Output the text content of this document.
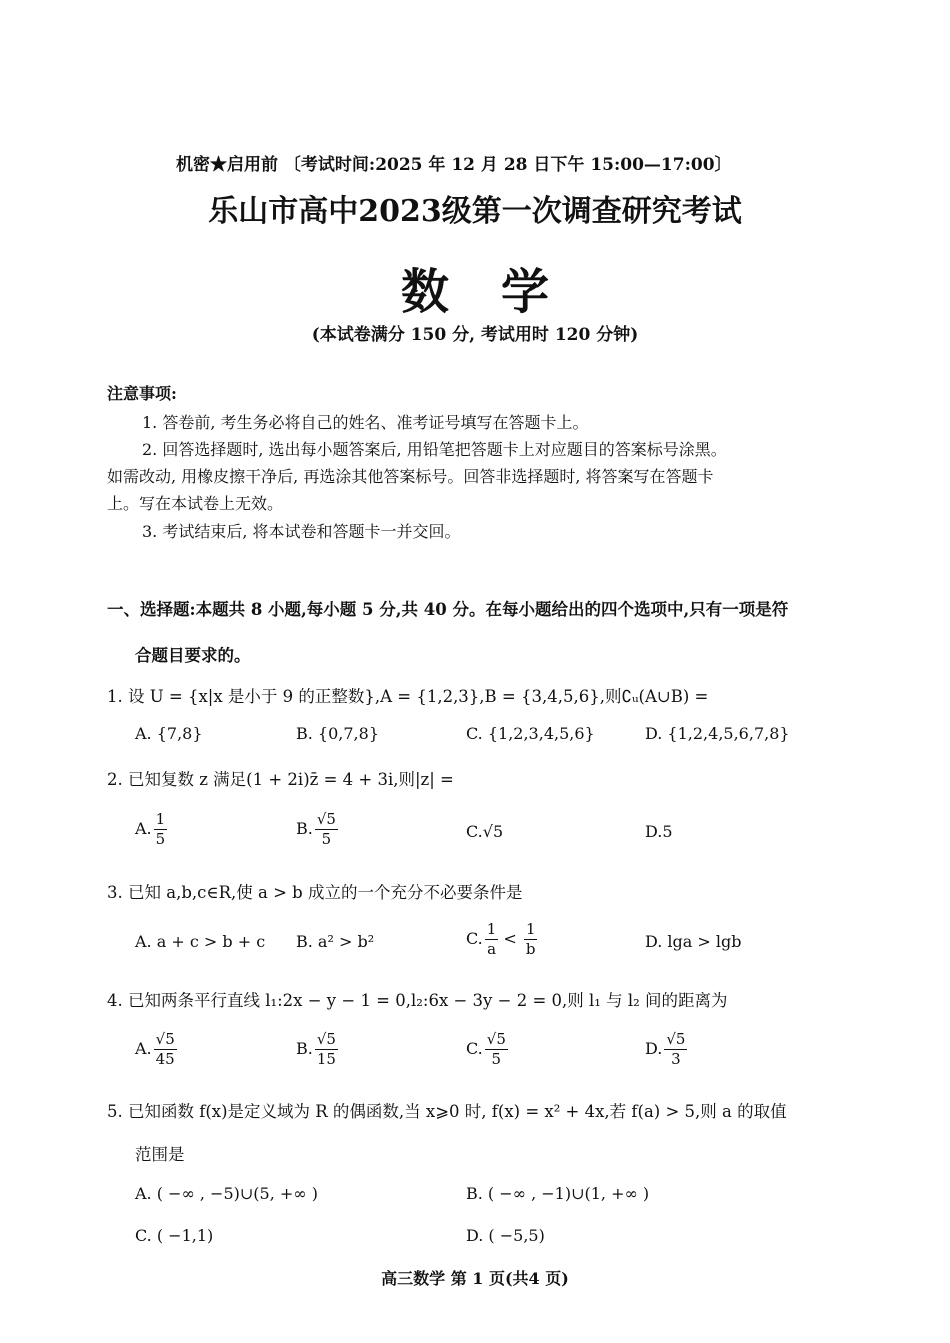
机密★启用前 〔考试时间:2025 年 12 月 28 日下午 15:00—17:00〕
乐山市高中2023级第一次调查研究考试
数学
(本试卷满分 150 分, 考试用时 120 分钟)
注意事项:
1. 答卷前, 考生务必将自己的姓名、准考证号填写在答题卡上。
2. 回答选择题时, 选出每小题答案后, 用铅笔把答题卡上对应题目的答案标号涂黑。
如需改动, 用橡皮擦干净后, 再选涂其他答案标号。回答非选择题时, 将答案写在答题卡
上。写在本试卷上无效。
3. 考试结束后, 将本试卷和答题卡一并交回。
一、选择题:本题共 8 小题,每小题 5 分,共 40 分。在每小题给出的四个选项中,只有一项是符
合题目要求的。
1. 设 U = {x|x 是小于 9 的正整数},A = {1,2,3},B = {3,4,5,6},则∁ᵤ(A∪B) =
A. {7,8}	B. {0,7,8}	C. {1,2,3,4,5,6}	D. {1,2,4,5,6,7,8}
2. 已知复数 z 满足(1 + 2i)z̄ = 4 + 3i,则|z| =
A. $\frac{1}{5}$	B. $\frac{√5}{5}$	C.√5	D.5
3. 已知 a,b,c∈R,使 a > b 成立的一个充分不必要条件是
A. a + c > b + c B. a² > b²	C. $\frac{1}{a} < \frac{1}{b}$	D. lga > lgb
4. 已知两条平行直线 l₁:2x − y − 1 = 0,l₂:6x − 3y − 2 = 0,则 l₁ 与 l₂ 间的距离为
A. $\frac{√5}{45}$	B. $\frac{√5}{15}$	C. $\frac{√5}{5}$	D. $\frac{√5}{3}$
5. 已知函数 f(x)是定义域为 R 的偶函数,当 x⩾0 时, f(x) = x² + 4x,若 f(a) > 5,则 a 的取值
范围是
A. ( −∞ , −5)∪(5, +∞ )	B. ( −∞ , −1)∪(1, +∞ )
C. ( −1,1)	D. ( −5,5)
高三数学 第 1 页(共4 页)
